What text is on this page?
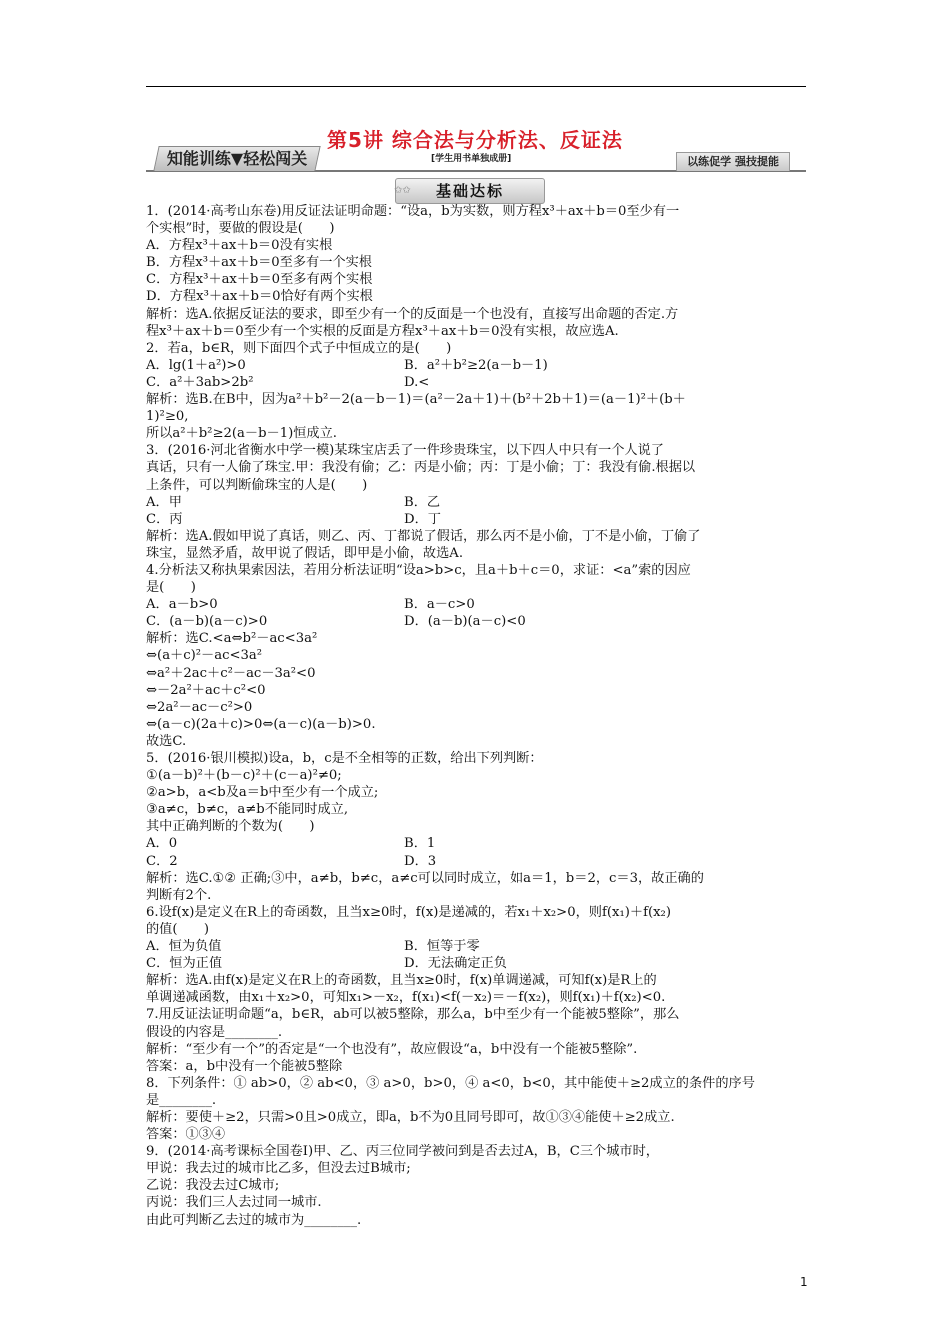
第5讲 综合法与分析法、反证法
知能训练▼轻松闯关	[学生用书单独成册]	以练促学 强技提能
✩✩ 基础达标
1．(2014·高考山东卷)用反证法证明命题：“设a，b为实数，则方程x³＋ax＋b＝0至少有一
个实根”时，要做的假设是(　　)
A．方程x³＋ax＋b＝0没有实根
B．方程x³＋ax＋b＝0至多有一个实根
C．方程x³＋ax＋b＝0至多有两个实根
D．方程x³＋ax＋b＝0恰好有两个实根
解析：选A.依据反证法的要求，即至少有一个的反面是一个也没有，直接写出命题的否定.方
程x³＋ax＋b＝0至少有一个实根的反面是方程x³＋ax＋b＝0没有实根，故应选A.
2．若a，b∈R，则下面四个式子中恒成立的是(　　)
A．lg(1＋a²)>0	B．a²＋b²≥2(a－b－1)
C．a²＋3ab>2b²	D.<
解析：选B.在B中，因为a²＋b²－2(a－b－1)＝(a²－2a＋1)＋(b²＋2b＋1)＝(a－1)²＋(b＋
1)²≥0,
所以a²＋b²≥2(a－b－1)恒成立.
3．(2016·河北省衡水中学一模)某珠宝店丢了一件珍贵珠宝，以下四人中只有一个人说了
真话，只有一人偷了珠宝.甲：我没有偷；乙：丙是小偷；丙：丁是小偷；丁：我没有偷.根据以
上条件，可以判断偷珠宝的人是(　　)
A．甲	B．乙
C．丙	D．丁
解析：选A.假如甲说了真话，则乙、丙、丁都说了假话，那么丙不是小偷，丁不是小偷，丁偷了
珠宝，显然矛盾，故甲说了假话，即甲是小偷，故选A.
4.分析法又称执果索因法，若用分析法证明“设a>b>c，且a＋b＋c＝0，求证：<a”索的因应
是(　　)
A．a－b>0	B．a－c>0
C．(a－b)(a－c)>0	D．(a－b)(a－c)<0
解析：选C.<a⇔b²－ac<3a²
⇔(a＋c)²－ac<3a²
⇔a²＋2ac＋c²－ac－3a²<0
⇔－2a²＋ac＋c²<0
⇔2a²－ac－c²>0
⇔(a－c)(2a＋c)>0⇔(a－c)(a－b)>0.
故选C.
5．(2016·银川模拟)设a，b，c是不全相等的正数，给出下列判断：
①(a－b)²＋(b－c)²＋(c－a)²≠0;
②a>b，a<b及a＝b中至少有一个成立;
③a≠c，b≠c，a≠b不能同时成立,
其中正确判断的个数为(　　)
A．0	B．1
C．2	D．3
解析：选C.①② 正确;③中，a≠b，b≠c，a≠c可以同时成立，如a＝1，b＝2，c＝3，故正确的
判断有2个.
6.设f(x)是定义在R上的奇函数，且当x≥0时，f(x)是递减的，若x₁＋x₂>0，则f(x₁)＋f(x₂)
的值(　　)
A．恒为负值	B．恒等于零
C．恒为正值	D．无法确定正负
解析：选A.由f(x)是定义在R上的奇函数，且当x≥0时，f(x)单调递减，可知f(x)是R上的
单调递减函数，由x₁＋x₂>0，可知x₁>－x₂，f(x₁)<f(－x₂)＝－f(x₂)，则f(x₁)＋f(x₂)<0.
7.用反证法证明命题“a，b∈R，ab可以被5整除，那么a，b中至少有一个能被5整除”，那么
假设的内容是________.
解析：“至少有一个”的否定是“一个也没有”，故应假设“a，b中没有一个能被5整除”.
答案：a，b中没有一个能被5整除
8．下列条件：① ab>0，② ab<0，③ a>0，b>0，④ a<0，b<0，其中能使＋≥2成立的条件的序号
是________.
解析：要使＋≥2，只需>0且>0成立，即a，b不为0且同号即可，故①③④能使＋≥2成立.
答案：①③④
9．(2014·高考课标全国卷Ⅰ)甲、乙、丙三位同学被问到是否去过A，B，C三个城市时，
甲说：我去过的城市比乙多，但没去过B城市;
乙说：我没去过C城市;
丙说：我们三人去过同一城市.
由此可判断乙去过的城市为________.
1
